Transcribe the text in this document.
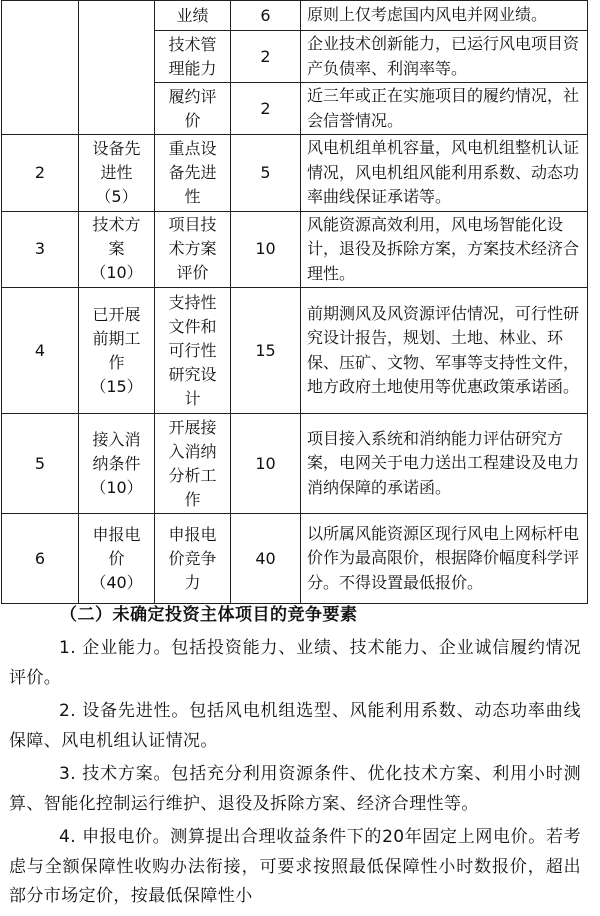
		业绩	6	原则上仅考虑国内风电并网业绩。
		技术管理能力	2	企业技术创新能力，已运行风电项目资产负债率、利润率等。
		履约评价	2	近三年或正在实施项目的履约情况，社会信誉情况。
2	设备先进性（5）	重点设备先进性	5	风电机组单机容量，风电机组整机认证情况，风电机组风能利用系数、动态功率曲线保证承诺等。
3	技术方案（10）	项目技术方案评价	10	风能资源高效利用，风电场智能化设计，退役及拆除方案，方案技术经济合理性。
4	已开展前期工作（15）	支持性文件和可行性研究设计	15	前期测风及风资源评估情况，可行性研究设计报告，规划、土地、林业、环保、压矿、文物、军事等支持性文件，地方政府土地使用等优惠政策承诺函。
5	接入消纳条件（10）	开展接入消纳分析工作	10	项目接入系统和消纳能力评估研究方案，电网关于电力送出工程建设及电力消纳保障的承诺函。
6	申报电价（40）	申报电价竞争力	40	以所属风能资源区现行风电上网标杆电价作为最高限价，根据降价幅度科学评分。不得设置最低报价。
（二）未确定投资主体项目的竞争要素

1. 企业能力。包括投资能力、业绩、技术能力、企业诚信履约情况评价。

2. 设备先进性。包括风电机组选型、风能利用系数、动态功率曲线保障、风电机组认证情况。

3. 技术方案。包括充分利用资源条件、优化技术方案、利用小时测算、智能化控制运行维护、退役及拆除方案、经济合理性等。

4. 申报电价。测算提出合理收益条件下的20年固定上网电价。若考虑与全额保障性收购办法衔接，可要求按照最低保障性小时数报价，超出部分市场定价，按最低保障性小
